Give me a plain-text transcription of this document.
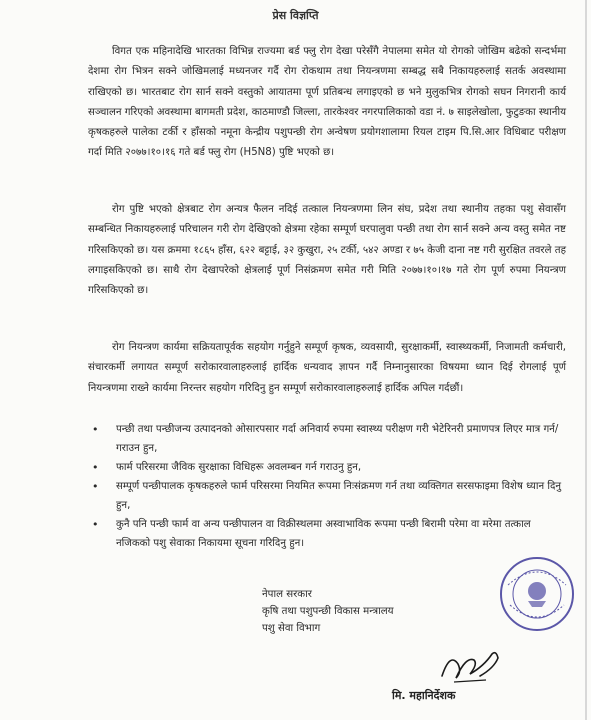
प्रेस विज्ञप्ति
विगत एक महिनादेखि भारतका विभिन्न राज्यमा बर्ड फ्लु रोग देखा परेसँगै नेपालमा समेत यो रोगको जोखिम बढेको सन्दर्भमा देशमा रोग भित्रन सक्ने जोखिमलाई मध्यनजर गर्दै रोग रोकथाम तथा नियन्त्रणमा सम्बद्ध सबै निकायहरुलाई सतर्क अवस्थामा राखिएको छ। भारतबाट रोग सार्न सक्ने वस्तुको आयातमा पूर्ण प्रतिबन्ध लगाइएको छ भने मुलुकभित्र रोगको सघन निगरानी कार्य सञ्चालन गरिएको अवस्थामा बागमती प्रदेश, काठमाण्डौ जिल्ला, तारकेश्वर नगरपालिकाको वडा नं. ७ साइलेखोला, फुटुङका स्थानीय कृषकहरुले पालेका टर्की र हाँसको नमूना केन्द्रीय पशुपन्छी रोग अन्वेषण प्रयोगशालामा रियल टाइम पि.सि.आर विधिबाट परीक्षण गर्दा मिति २०७७।१०।१६ गते बर्ड फ्लु रोग (H5N8) पुष्टि भएको छ।
रोग पुष्टि भएको क्षेत्रबाट रोग अन्यत्र फैलन नदिई तत्काल नियन्त्रणमा लिन संघ, प्रदेश तथा स्थानीय तहका पशु सेवासँग सम्बन्धित निकायहरुलाई परिचालन गरी रोग देखिएको क्षेत्रमा रहेका सम्पूर्ण घरपालुवा पन्छी तथा रोग सार्न सक्ने अन्य वस्तु समेत नष्ट गरिसकिएको छ। यस क्रममा १८६५ हाँस, ६२२ बट्टाई, ३२ कुखुरा, २५ टर्की, ५४२ अण्डा र ७५ केजी दाना नष्ट गरी सुरक्षित तवरले तह लगाइसकिएको छ। साथै रोग देखापरेको क्षेत्रलाई पूर्ण निसंक्रमण समेत गरी मिति २०७७।१०।१७ गते रोग पूर्ण रुपमा नियन्त्रण गरिसकिएको छ।
रोग नियन्त्रण कार्यमा सक्रियतापूर्वक सहयोग गर्नुहुने सम्पूर्ण कृषक, व्यवसायी, सुरक्षाकर्मी, स्वास्थ्यकर्मी, निजामती कर्मचारी, संचारकर्मी लगायत सम्पूर्ण सरोकारवालाहरुलाई हार्दिक धन्यवाद ज्ञापन गर्दै निम्नानुसारका विषयमा ध्यान दिई रोगलाई पूर्ण नियन्त्रणमा राख्ने कार्यमा निरन्तर सहयोग गरिदिनु हुन सम्पूर्ण सरोकारवालाहरुलाई हार्दिक अपिल गर्दछौं।
• पन्छी तथा पन्छीजन्य उत्पादनको ओसारपसार गर्दा अनिवार्य रुपमा स्वास्थ्य परीक्षण गरी भेटेरिनरी प्रमाणपत्र लिएर मात्र गर्न/गराउन हुन,
• फार्म परिसरमा जैविक सुरक्षाका विधिहरू अवलम्बन गर्न गराउनु हुन,
• सम्पूर्ण पन्छीपालक कृषकहरुले फार्म परिसरमा नियमित रूपमा निःसंक्रमण गर्न तथा व्यक्तिगत सरसफाइमा विशेष ध्यान दिनु हुन,
• कुनै पनि पन्छी फार्म वा अन्य पन्छीपालन वा विक्रीस्थलमा अस्वाभाविक रूपमा पन्छी बिरामी परेमा वा मरेमा तत्काल नजिकको पशु सेवाका निकायमा सूचना गरिदिनु हुन।
नेपाल सरकार
कृषि तथा पशुपन्छी विकास मन्त्रालय
पशु सेवा विभाग
मि. महानिर्देशक
